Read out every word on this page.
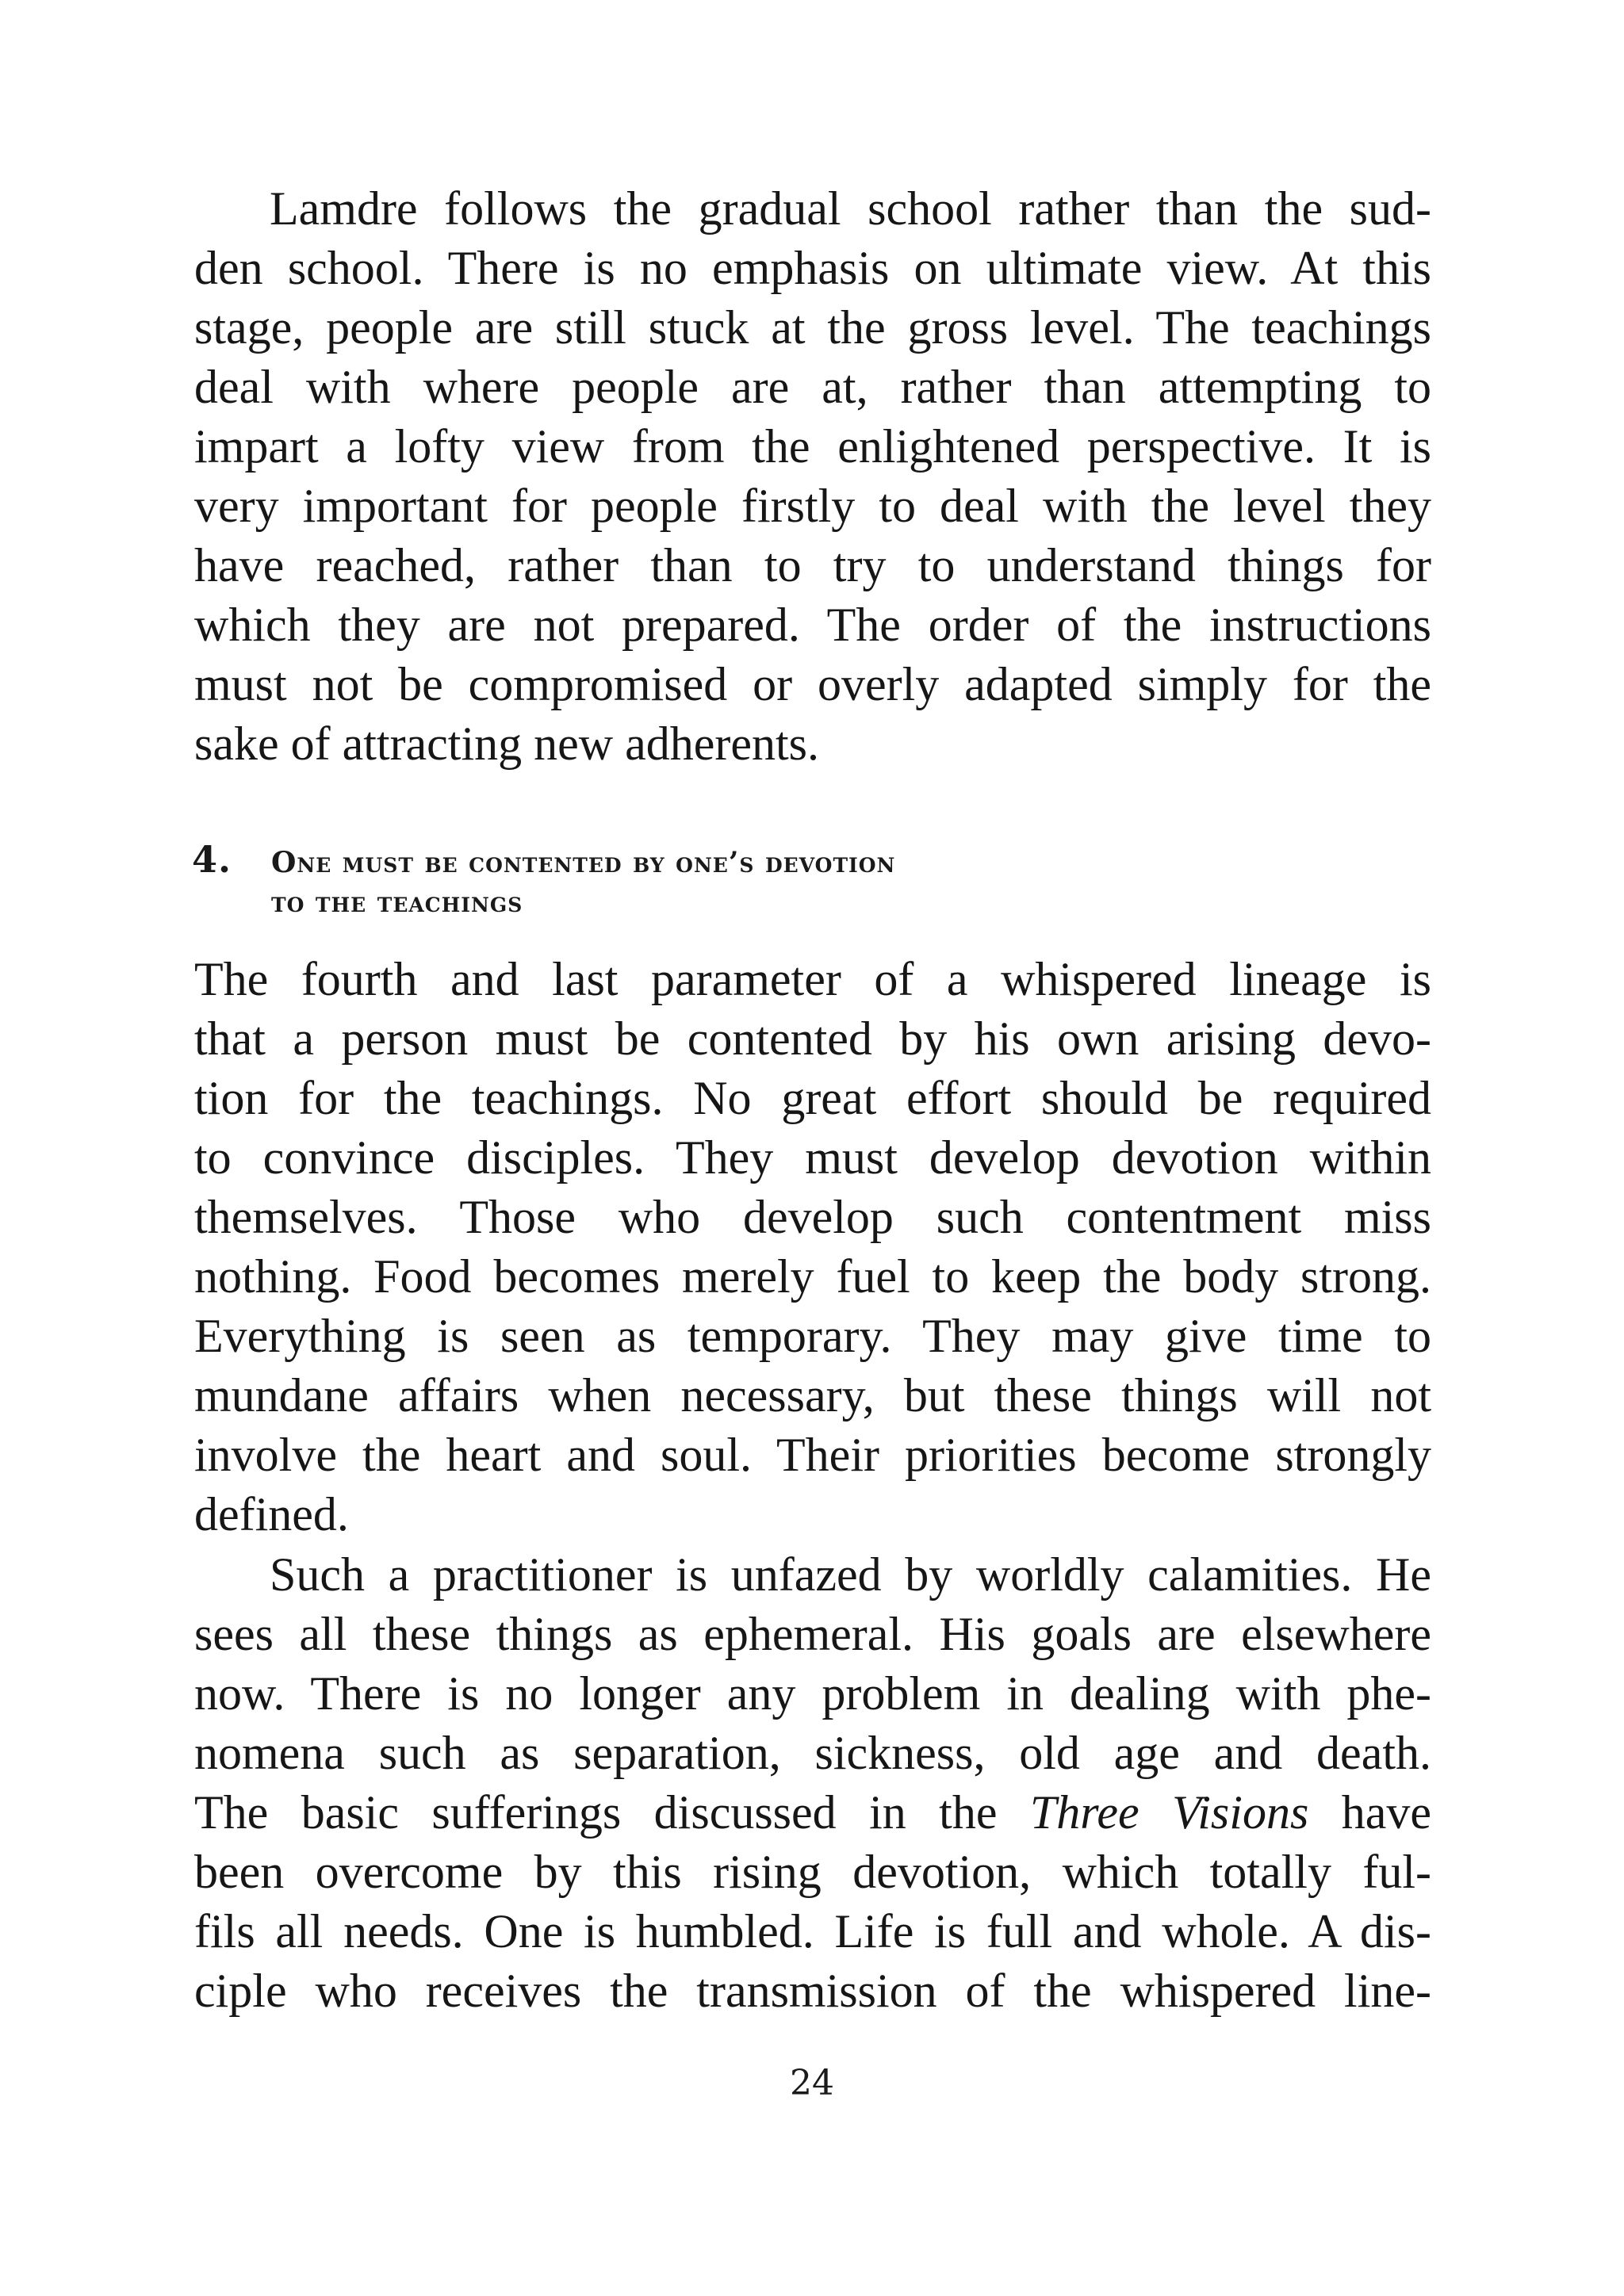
Lamdre follows the gradual school rather than the sud-
den school. There is no emphasis on ultimate view. At this
stage, people are still stuck at the gross level. The teachings
deal with where people are at, rather than attempting to
impart a lofty view from the enlightened perspective. It is
very important for people firstly to deal with the level they
have reached, rather than to try to understand things for
which they are not prepared. The order of the instructions
must not be compromised or overly adapted simply for the
sake of attracting new adherents.
4. One must be contented by one’s devotion
to the teachings
The fourth and last parameter of a whispered lineage is
that a person must be contented by his own arising devo-
tion for the teachings. No great effort should be required
to convince disciples. They must develop devotion within
themselves. Those who develop such contentment miss
nothing. Food becomes merely fuel to keep the body strong.
Everything is seen as temporary. They may give time to
mundane affairs when necessary, but these things will not
involve the heart and soul. Their priorities become strongly
defined.
Such a practitioner is unfazed by worldly calamities. He
sees all these things as ephemeral. His goals are elsewhere
now. There is no longer any problem in dealing with phe-
nomena such as separation, sickness, old age and death.
The basic sufferings discussed in the Three Visions have
been overcome by this rising devotion, which totally ful-
fils all needs. One is humbled. Life is full and whole. A dis-
ciple who receives the transmission of the whispered line-
24
